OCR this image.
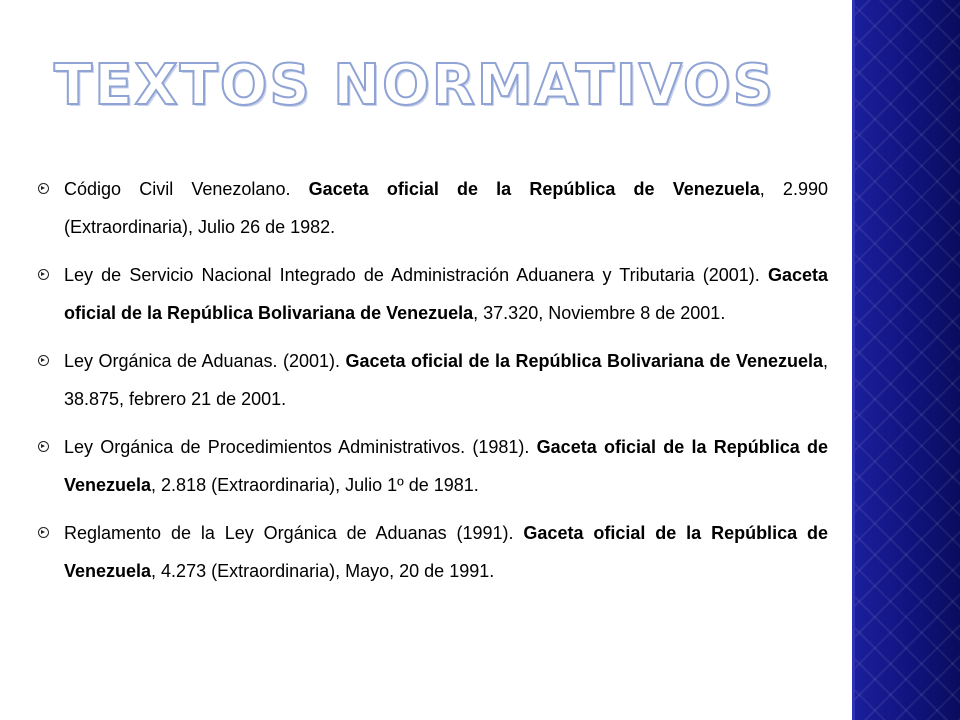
TEXTOS NORMATIVOS
Código Civil Venezolano. Gaceta oficial de la República de Venezuela, 2.990 (Extraordinaria), Julio 26 de 1982.
Ley de Servicio Nacional Integrado de Administración Aduanera y Tributaria (2001). Gaceta oficial de la República Bolivariana de Venezuela, 37.320, Noviembre 8 de 2001.
Ley Orgánica de Aduanas. (2001). Gaceta oficial de la República Bolivariana de Venezuela, 38.875, febrero 21 de 2001.
Ley Orgánica de Procedimientos Administrativos. (1981). Gaceta oficial de la República de Venezuela, 2.818 (Extraordinaria), Julio 1º de 1981.
Reglamento de la Ley Orgánica de Aduanas (1991). Gaceta oficial de la República de Venezuela, 4.273 (Extraordinaria), Mayo, 20 de 1991.
